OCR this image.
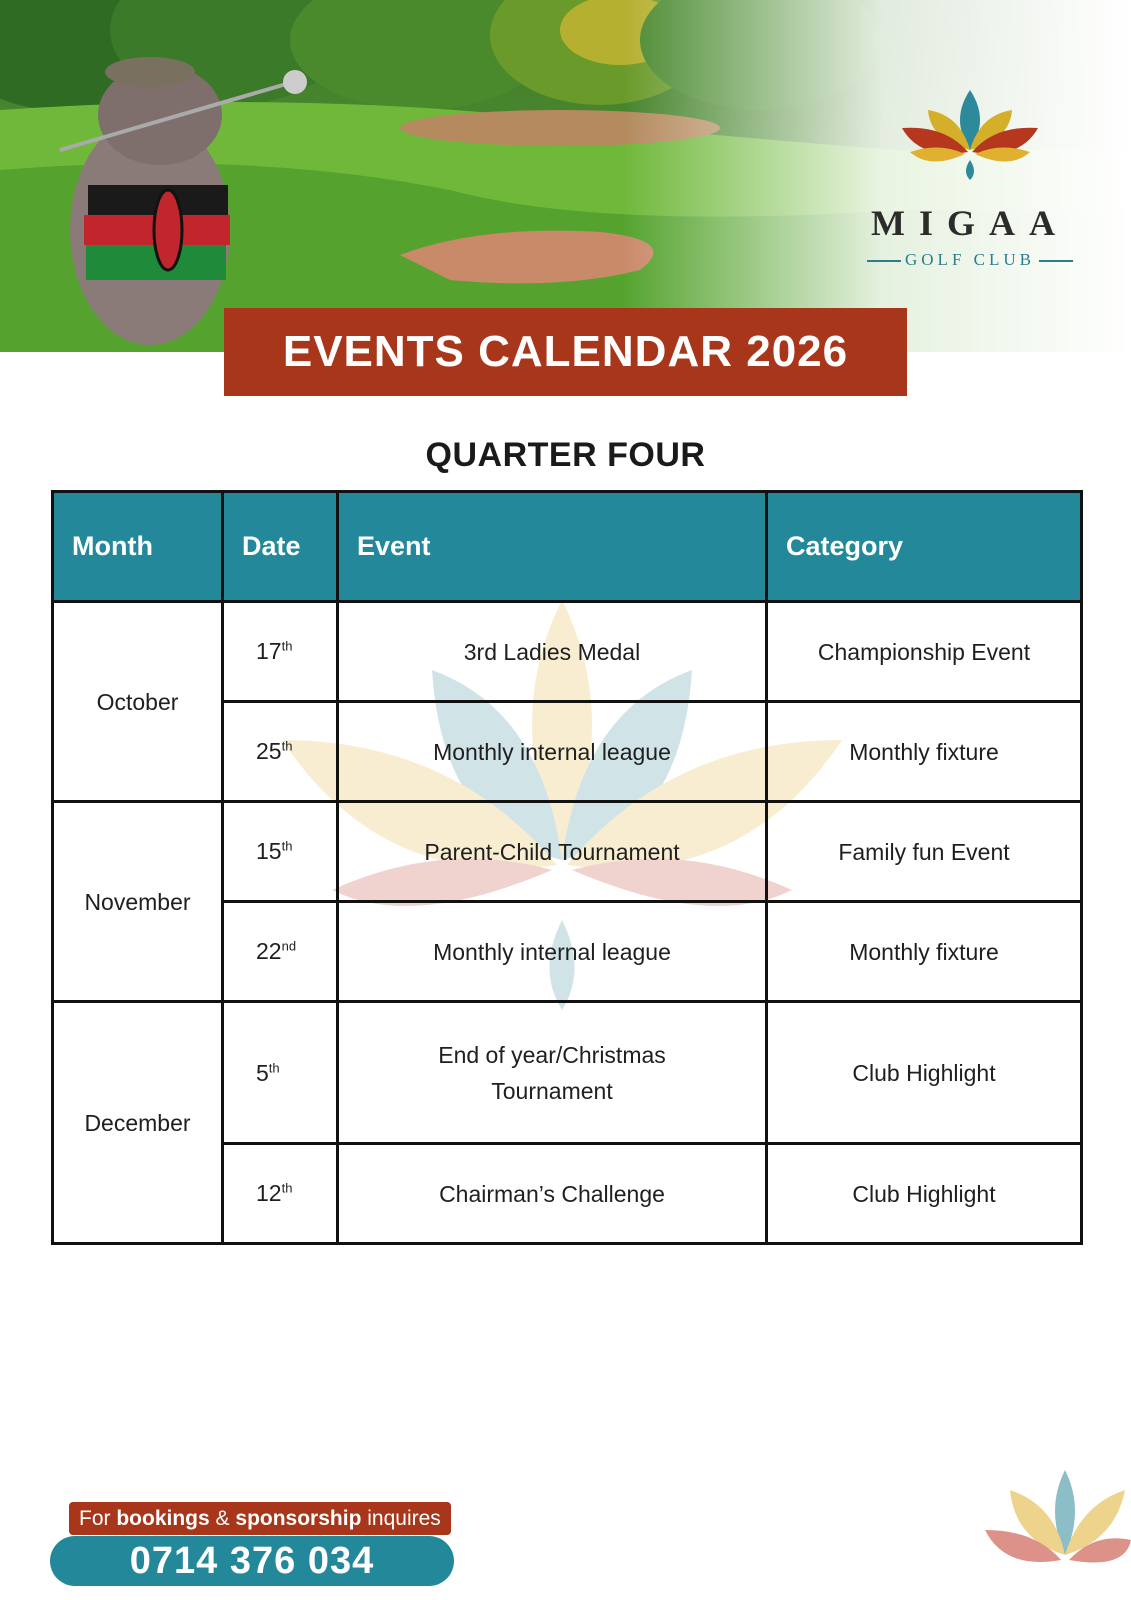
MIGAA
GOLF CLUB
EVENTS CALENDAR 2026
QUARTER FOUR
Month	Date	Event	Category
October	17th	3rd Ladies Medal	Championship Event
	25th	Monthly internal league	Monthly fixture
November	15th	Parent-Child Tournament	Family fun Event
	22nd	Monthly internal league	Monthly fixture
December	5th	End of year/Christmas Tournament	Club Highlight
	12th	Chairman’s Challenge	Club Highlight
For bookings & sponsorship inquires
0714 376 034
